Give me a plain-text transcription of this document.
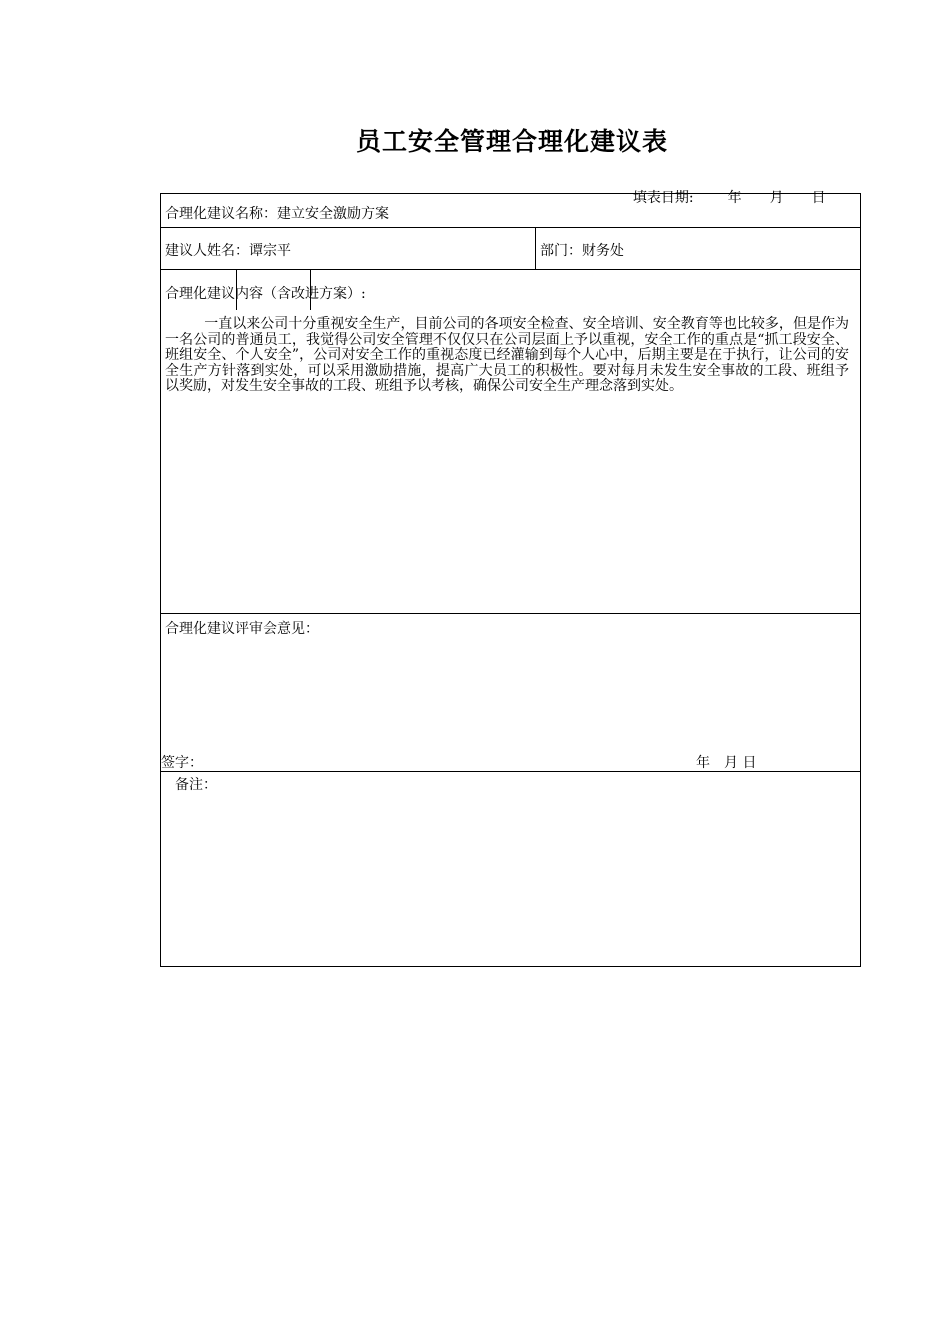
员工安全管理合理化建议表

填表日期: 年 月 日

合理化建议名称：建立安全激励方案
建议人姓名：谭宗平	部门：财务处
合理化建议内容（含改进方案）:
一直以来公司十分重视安全生产，目前公司的各项安全检查、安全培训、安全教育等也比较多，但是作为一名公司的普通员工，我觉得公司安全管理不仅仅只在公司层面上予以重视，安全工作的重点是“抓工段安全、班组安全、个人安全”，公司对安全工作的重视态度已经灌输到每个人心中，后期主要是在于执行，让公司的安全生产方针落到实处，可以采用激励措施，提高广大员工的积极性。要对每月未发生安全事故的工段、班组予以奖励，对发生安全事故的工段、班组予以考核，确保公司安全生产理念落到实处。
合理化建议评审会意见：
签字：	年　月 日
备注：
